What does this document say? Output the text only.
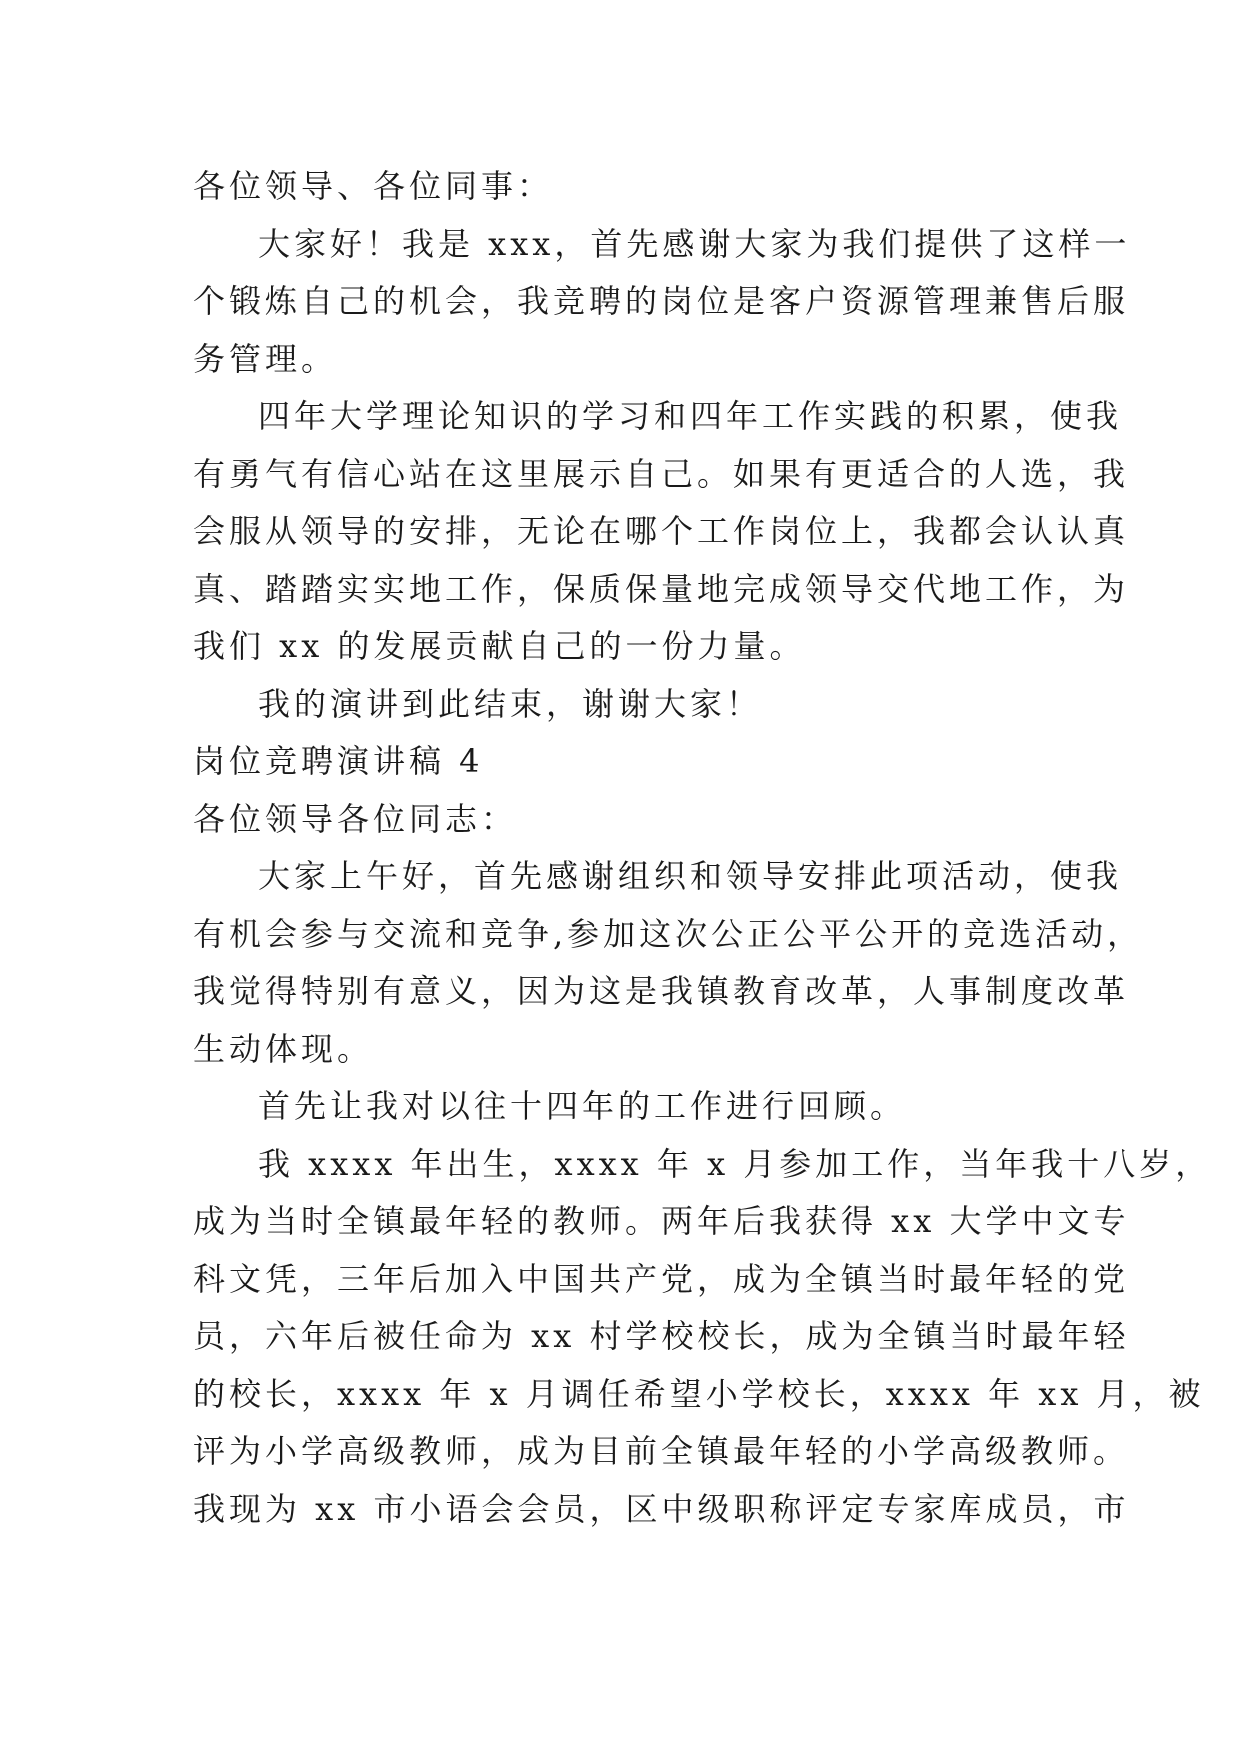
各位领导、各位同事：

大家好！我是 xxx，首先感谢大家为我们提供了这样一

个锻炼自己的机会，我竞聘的岗位是客户资源管理兼售后服

务管理。

四年大学理论知识的学习和四年工作实践的积累，使我

有勇气有信心站在这里展示自己。如果有更适合的人选，我

会服从领导的安排，无论在哪个工作岗位上，我都会认认真

真、踏踏实实地工作，保质保量地完成领导交代地工作，为

我们 xx 的发展贡献自己的一份力量。

我的演讲到此结束，谢谢大家！

岗位竞聘演讲稿 4

各位领导各位同志：

大家上午好，首先感谢组织和领导安排此项活动，使我

有机会参与交流和竞争,参加这次公正公平公开的竞选活动，

我觉得特别有意义，因为这是我镇教育改革，人事制度改革

生动体现。

首先让我对以往十四年的工作进行回顾。

我 xxxx 年出生，xxxx 年 x 月参加工作，当年我十八岁，

成为当时全镇最年轻的教师。两年后我获得 xx 大学中文专

科文凭，三年后加入中国共产党，成为全镇当时最年轻的党

员，六年后被任命为 xx 村学校校长，成为全镇当时最年轻

的校长，xxxx 年 x 月调任希望小学校长，xxxx 年 xx 月，被

评为小学高级教师，成为目前全镇最年轻的小学高级教师。

我现为 xx 市小语会会员，区中级职称评定专家库成员，市
